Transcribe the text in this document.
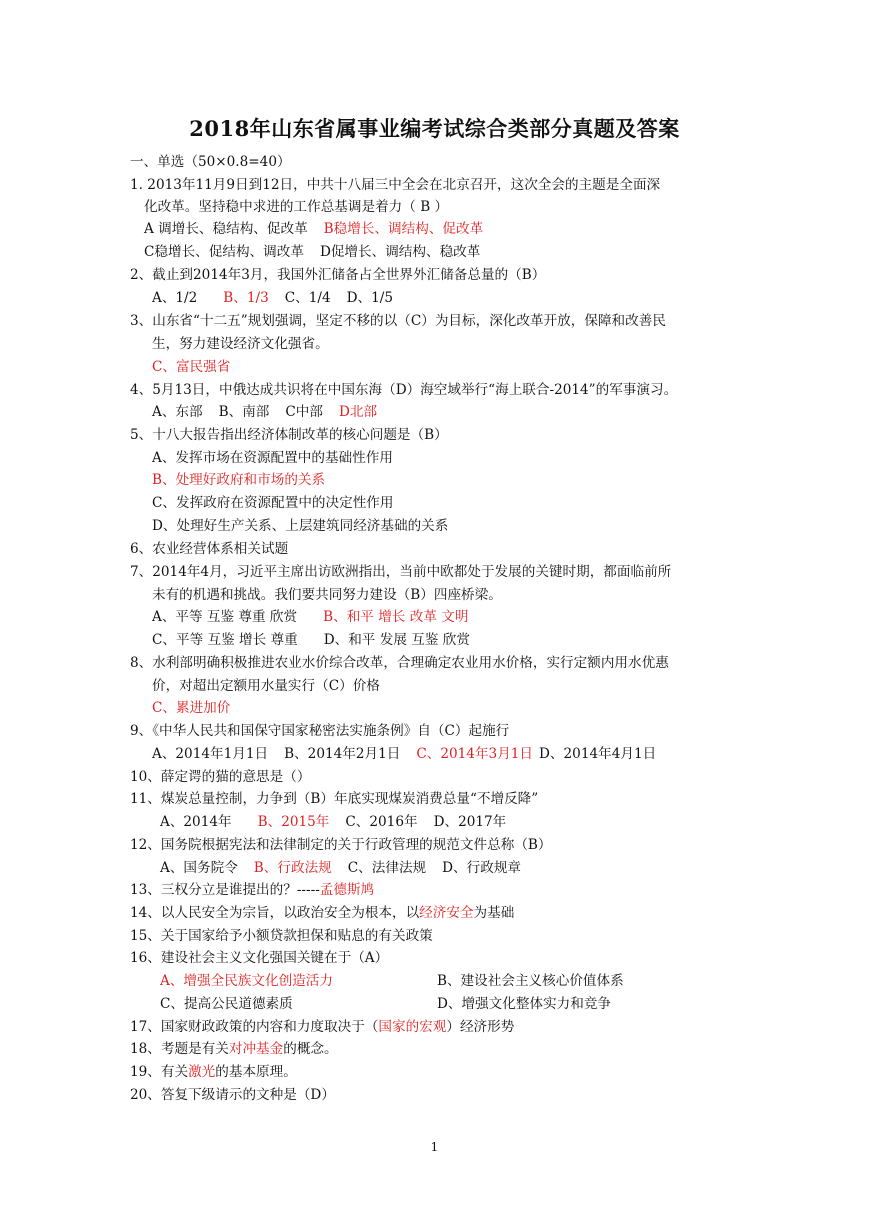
2018年山东省属事业编考试综合类部分真题及答案
一、单选（50×0.8=40）
1. 2013年11月9日到12日，中共十八届三中全会在北京召开，这次全会的主题是全面深
化改革。坚持稳中求进的工作总基调是着力（ B ）
A 调增长、稳结构、促改革 B稳增长、调结构、促改革
C稳增长、促结构、调改革 D促增长、调结构、稳改革
2、截止到2014年3月，我国外汇储备占全世界外汇储备总量的（B）
A、1/2 B、1/3 C、1/4 D、1/5
3、山东省“十二五”规划强调，坚定不移的以（C）为目标，深化改革开放，保障和改善民
生，努力建设经济文化强省。
C、富民强省
4、5月13日，中俄达成共识将在中国东海（D）海空域举行“海上联合-2014”的军事演习。
A、东部 B、南部 C中部 D北部
5、十八大报告指出经济体制改革的核心问题是（B）
A、发挥市场在资源配置中的基础性作用
B、处理好政府和市场的关系
C、发挥政府在资源配置中的决定性作用
D、处理好生产关系、上层建筑同经济基础的关系
6、农业经营体系相关试题
7、2014年4月，习近平主席出访欧洲指出，当前中欧都处于发展的关键时期，都面临前所
未有的机遇和挑战。我们要共同努力建设（B）四座桥梁。
A、平等 互鉴 尊重 欣赏 B、和平 增长 改革 文明
C、平等 互鉴 增长 尊重 D、和平 发展 互鉴 欣赏
8、水利部明确积极推进农业水价综合改革，合理确定农业用水价格，实行定额内用水优惠
价，对超出定额用水量实行（C）价格
C、累进加价
9、《中华人民共和国保守国家秘密法实施条例》自（C）起施行
A、2014年1月1日 B、2014年2月1日 C、2014年3月1日 D、2014年4月1日
10、薛定谔的猫的意思是（）
11、煤炭总量控制，力争到（B）年底实现煤炭消费总量“不增反降”
A、2014年 B、2015年 C、2016年 D、2017年
12、国务院根据宪法和法律制定的关于行政管理的规范文件总称（B）
A、国务院令 B、行政法规 C、法律法规 D、行政规章
13、三权分立是谁提出的？-----孟德斯鸠
14、以人民安全为宗旨，以政治安全为根本，以经济安全为基础
15、关于国家给予小额贷款担保和贴息的有关政策
16、建设社会主义文化强国关键在于（A）
A、增强全民族文化创造活力	B、建设社会主义核心价值体系
C、提高公民道德素质	D、增强文化整体实力和竞争
17、国家财政政策的内容和力度取决于（国家的宏观）经济形势
18、考题是有关对冲基金的概念。
19、有关激光的基本原理。
20、答复下级请示的文种是（D）
1
